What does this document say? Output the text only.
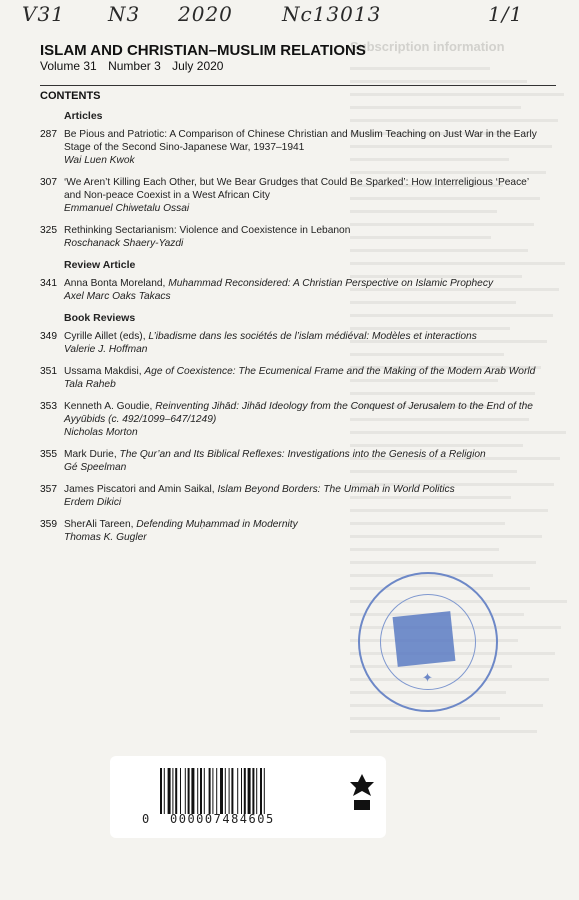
Subscription information
V31 N3 2020 Nc13013	1/1
ISLAM AND CHRISTIAN–MUSLIM RELATIONS
Volume 31 Number 3 July 2020
CONTENTS
Articles
287 Be Pious and Patriotic: A Comparison of Chinese Christian and Muslim Teaching on Just War in the Early Stage of the Second Sino-Japanese War, 1937–1941
Wai Luen Kwok
307 ‘We Aren’t Killing Each Other, but We Bear Grudges that Could Be Sparked’: How Interreligious ‘Peace’ and Non-peace Coexist in a West African City
Emmanuel Chiwetalu Ossai
325 Rethinking Sectarianism: Violence and Coexistence in Lebanon
Roschanack Shaery-Yazdi
Review Article
341 Anna Bonta Moreland, Muhammad Reconsidered: A Christian Perspective on Islamic Prophecy
Axel Marc Oaks Takacs
Book Reviews
349 Cyrille Aillet (eds), L’ibadisme dans les sociétés de l’islam médiéval: Modèles et interactions
Valerie J. Hoffman
351 Ussama Makdisi, Age of Coexistence: The Ecumenical Frame and the Making of the Modern Arab World
Tala Raheb
353 Kenneth A. Goudie, Reinventing Jihād: Jihād Ideology from the Conquest of Jerusalem to the End of the Ayyūbids (c. 492/1099–647/1249)
Nicholas Morton
355 Mark Durie, The Qur’an and Its Biblical Reflexes: Investigations into the Genesis of a Religion
Gé Speelman
357 James Piscatori and Amin Saikal, Islam Beyond Borders: The Ummah in World Politics
Erdem Dikici
359 SherAli Tareen, Defending Muḥammad in Modernity
Thomas K. Gugler
✦
0 000007484605
